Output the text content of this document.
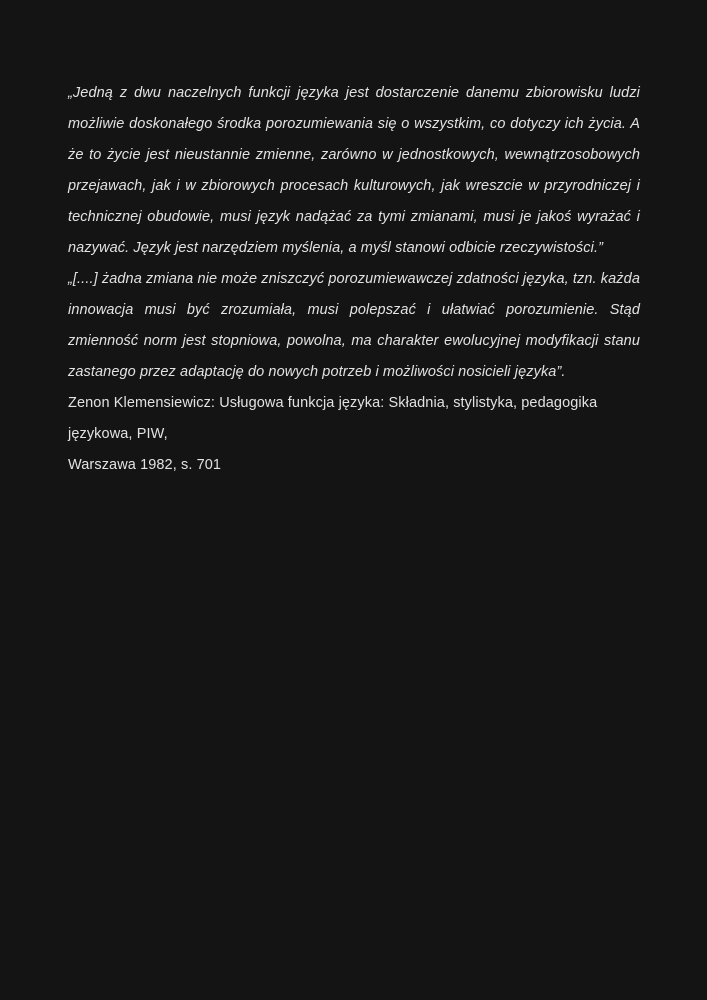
„Jedną z dwu naczelnych funkcji języka jest dostarczenie danemu zbiorowisku ludzi możliwie doskonałego środka porozumiewania się o wszystkim, co dotyczy ich życia. A że to życie jest nieustannie zmienne, zarówno w jednostkowych, wewnątrzosobowych przejawach, jak i w zbiorowych procesach kulturowych, jak wreszcie w przyrodniczej i technicznej obudowie, musi język nadążać za tymi zmianami, musi je jakoś wyrażać i nazywać. Język jest narzędziem myślenia, a myśl stanowi odbicie rzeczywistości.”

„[....] żadna zmiana nie może zniszczyć porozumiewawczej zdatności języka, tzn. każda innowacja musi być zrozumiała, musi polepszać i ułatwiać porozumienie. Stąd zmienność norm jest stopniowa, powolna, ma charakter ewolucyjnej modyfikacji stanu zastanego przez adaptację do nowych potrzeb i możliwości nosicieli języka”.

Zenon Klemensiewicz: Usługowa funkcja języka: Składnia, stylistyka, pedagogika językowa, PIW,

Warszawa 1982, s. 701
